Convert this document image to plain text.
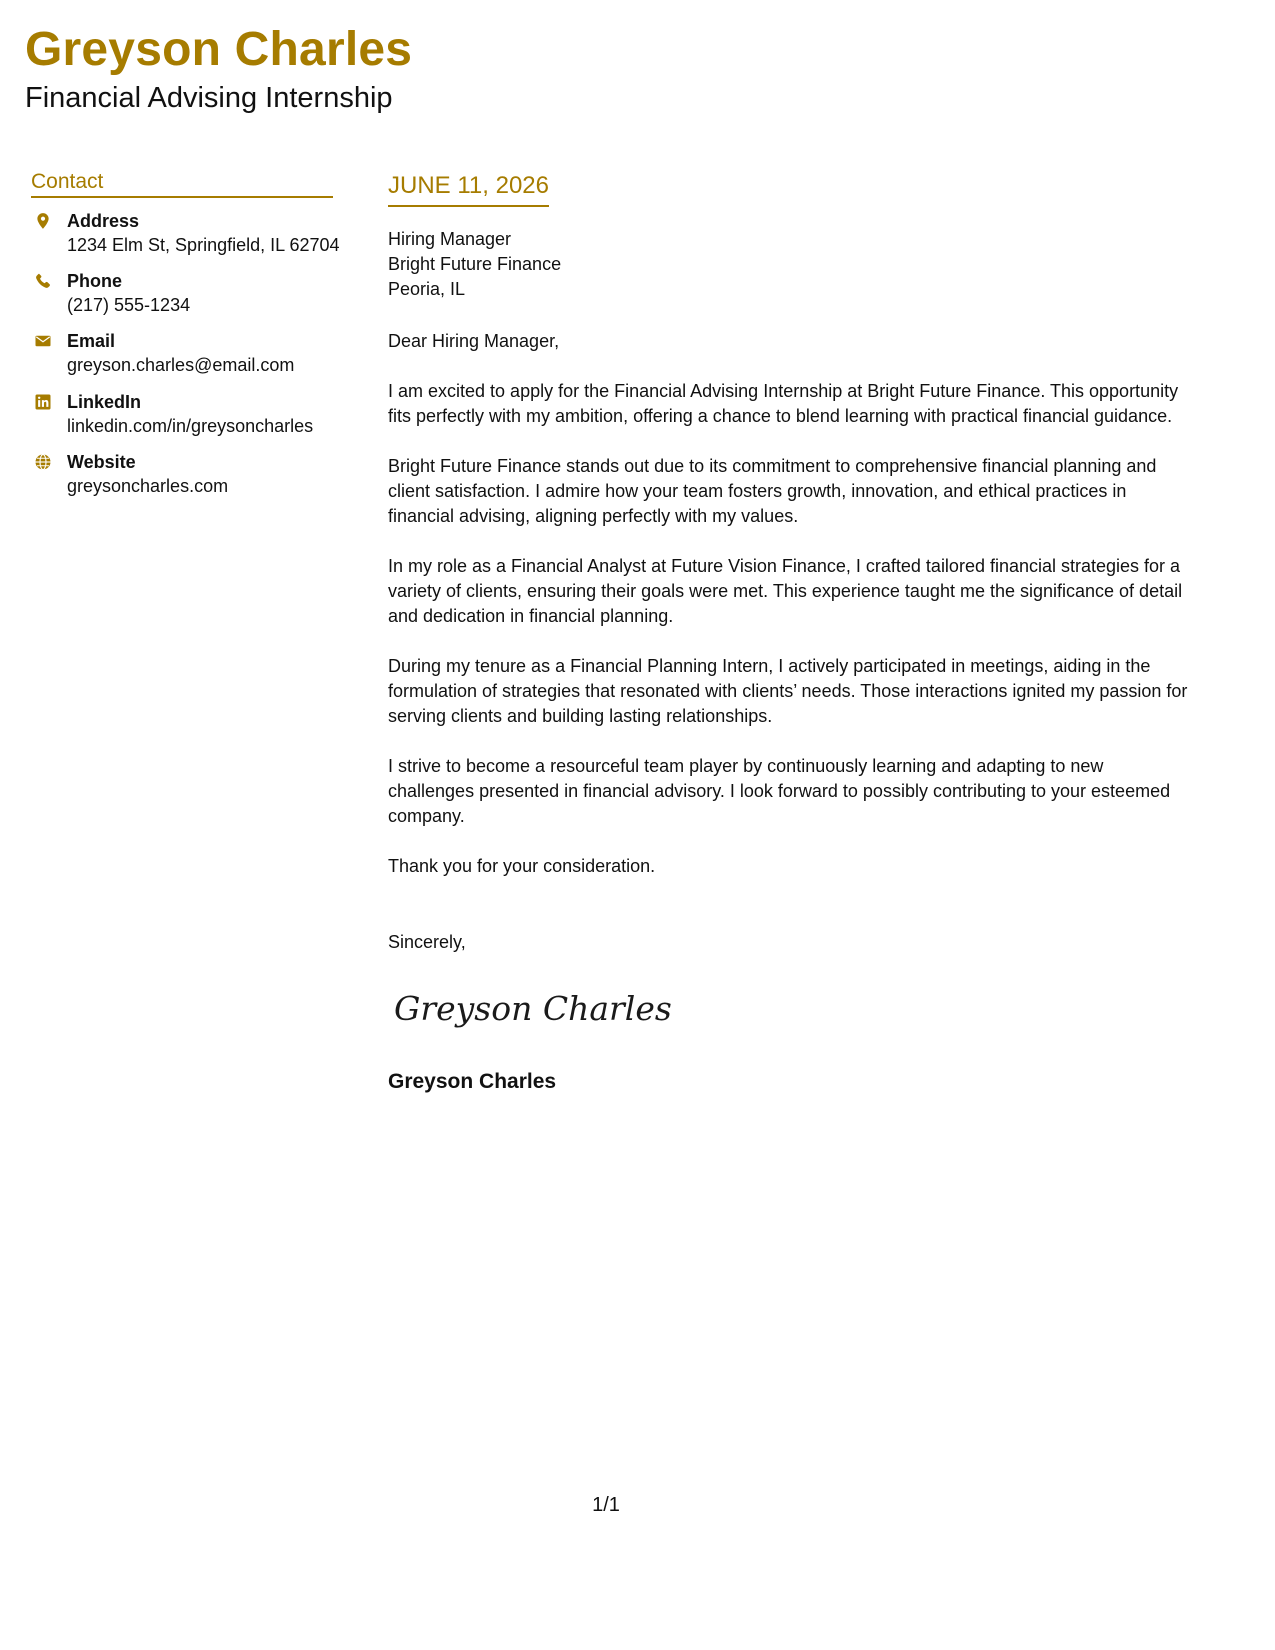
Greyson Charles
Financial Advising Internship
Contact
Address
1234 Elm St, Springfield, IL 62704
Phone
(217) 555-1234
Email
greyson.charles@email.com
LinkedIn
linkedin.com/in/greysoncharles
Website
greysoncharles.com
JUNE 11, 2026
Hiring Manager
Bright Future Finance
Peoria, IL

Dear Hiring Manager,

I am excited to apply for the Financial Advising Internship at Bright Future Finance. This opportunity fits perfectly with my ambition, offering a chance to blend learning with practical financial guidance.

Bright Future Finance stands out due to its commitment to comprehensive financial planning and client satisfaction. I admire how your team fosters growth, innovation, and ethical practices in financial advising, aligning perfectly with my values.

In my role as a Financial Analyst at Future Vision Finance, I crafted tailored financial strategies for a variety of clients, ensuring their goals were met. This experience taught me the significance of detail and dedication in financial planning.

During my tenure as a Financial Planning Intern, I actively participated in meetings, aiding in the formulation of strategies that resonated with clients’ needs. Those interactions ignited my passion for serving clients and building lasting relationships.

I strive to become a resourceful team player by continuously learning and adapting to new challenges presented in financial advisory. I look forward to possibly contributing to your esteemed company.

Thank you for your consideration.

Sincerely,
Greyson Charles
Greyson Charles
1/1
